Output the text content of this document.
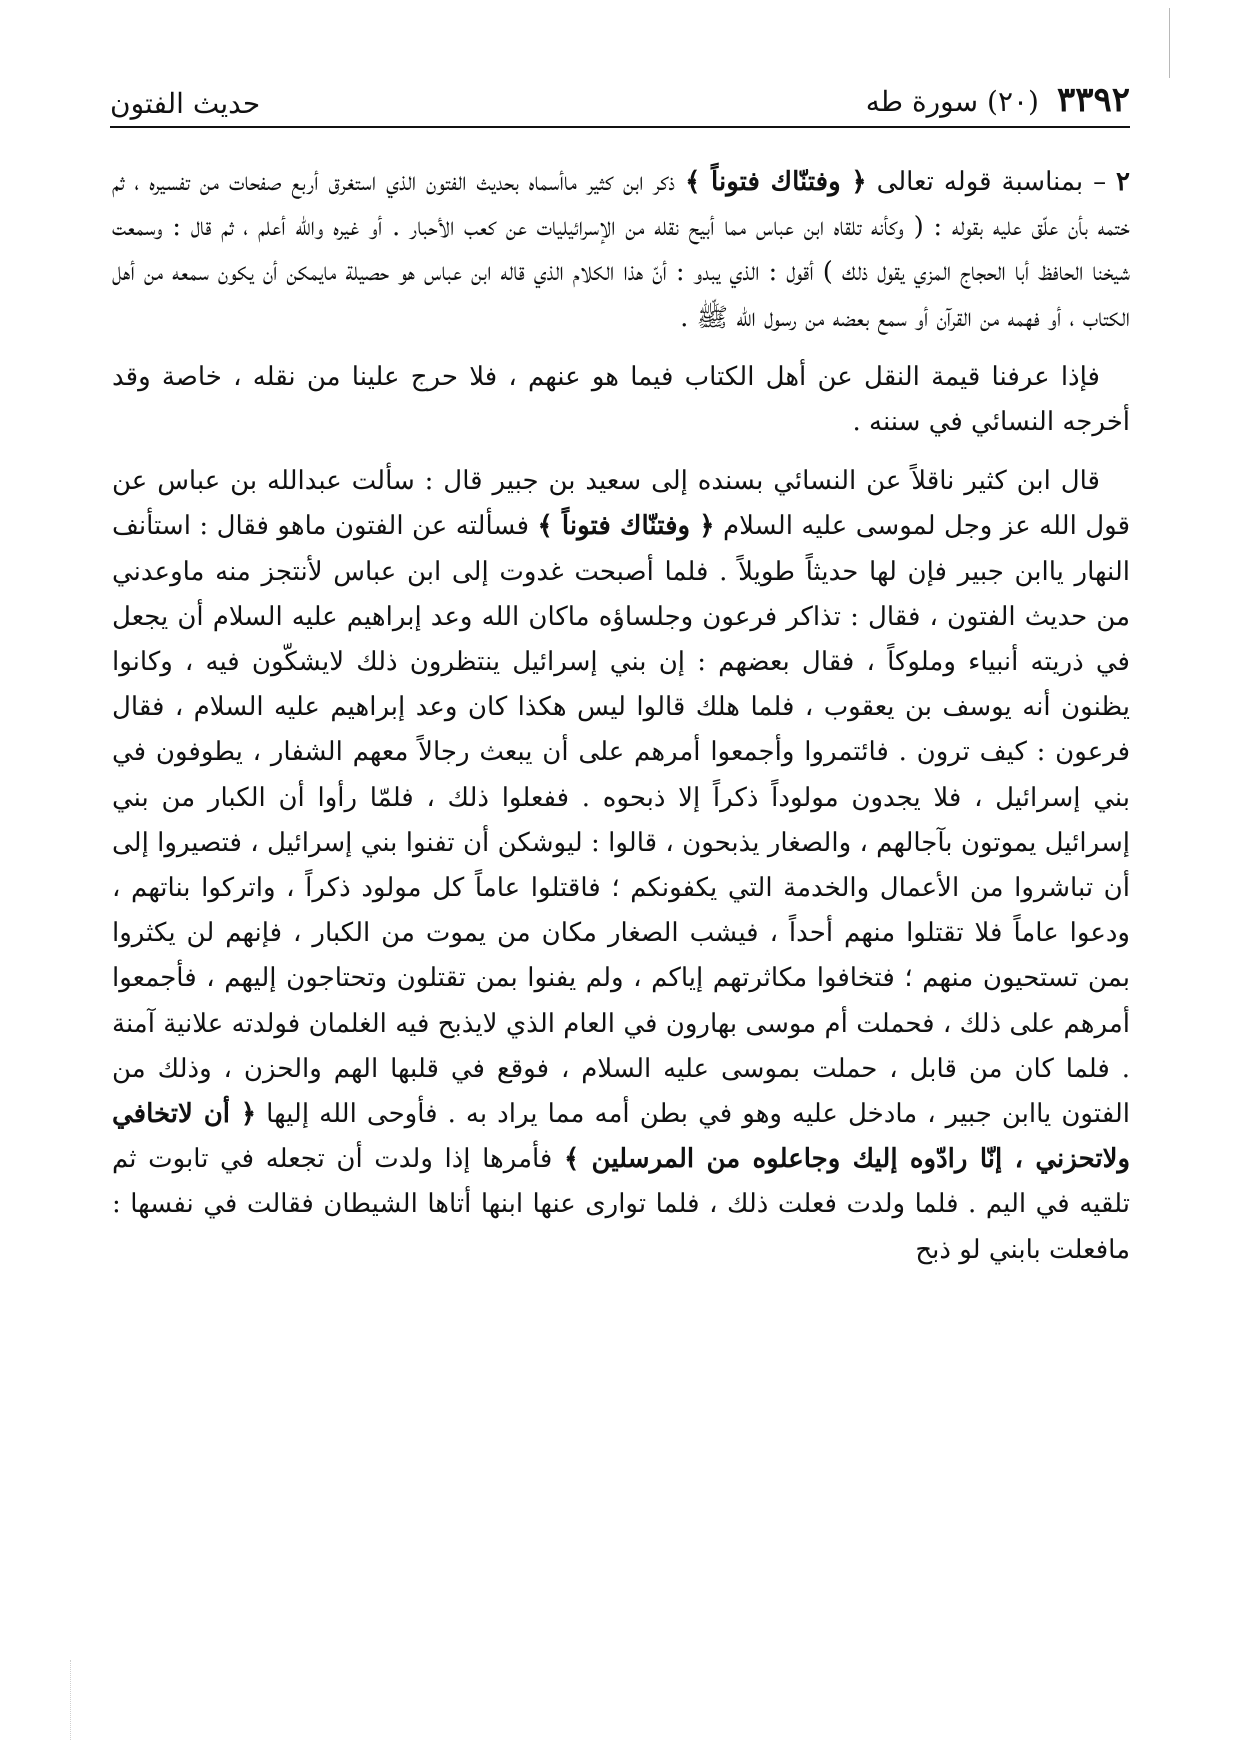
٣٣٩٢
(٢٠) سورة طه
حديث الفتون

٢ – بمناسبة قوله تعالى ﴿ وفتنّاك فتوناً ﴾ ذكر ابن كثير ماأسماه بحديث الفتون الذي استغرق أربع صفحات من تفسيره ، ثم ختمه بأن علّق عليه بقوله : ( وكأنه تلقاه ابن عباس مما أبيح نقله من الإسرائيليات عن كعب الأحبار . أو غيره والله أعلم ، ثم قال : وسمعت شيخنا الحافظ أبا الحجاج المزي يقول ذلك ) أقول : الذي يبدو : أنّ هذا الكلام الذي قاله ابن عباس هو حصيلة مايمكن أن يكون سمعه من أهل الكتاب ، أو فهمه من القرآن أو سمع بعضه من رسول الله ﷺ .

فإذا عرفنا قيمة النقل عن أهل الكتاب فيما هو عنهم ، فلا حرج علينا من نقله ، خاصة وقد أخرجه النسائي في سننه .

قال ابن كثير ناقلاً عن النسائي بسنده إلى سعيد بن جبير قال : سألت عبدالله بن عباس عن قول الله عز وجل لموسى عليه السلام ﴿ وفتنّاك فتوناً ﴾ فسألته عن الفتون ماهو فقال : استأنف النهار ياابن جبير فإن لها حديثاً طويلاً . فلما أصبحت غدوت إلى ابن عباس لأنتجز منه ماوعدني من حديث الفتون ، فقال : تذاكر فرعون وجلساؤه ماكان الله وعد إبراهيم عليه السلام أن يجعل في ذريته أنبياء وملوكاً ، فقال بعضهم : إن بني إسرائيل ينتظرون ذلك لايشكّون فيه ، وكانوا يظنون أنه يوسف بن يعقوب ، فلما هلك قالوا ليس هكذا كان وعد إبراهيم عليه السلام ، فقال فرعون : كيف ترون . فائتمروا وأجمعوا أمرهم على أن يبعث رجالاً معهم الشفار ، يطوفون في بني إسرائيل ، فلا يجدون مولوداً ذكراً إلا ذبحوه . ففعلوا ذلك ، فلمّا رأوا أن الكبار من بني إسرائيل يموتون بآجالهم ، والصغار يذبحون ، قالوا : ليوشكن أن تفنوا بني إسرائيل ، فتصيروا إلى أن تباشروا من الأعمال والخدمة التي يكفونكم ؛ فاقتلوا عاماً كل مولود ذكراً ، واتركوا بناتهم ، ودعوا عاماً فلا تقتلوا منهم أحداً ، فيشب الصغار مكان من يموت من الكبار ، فإنهم لن يكثروا بمن تستحيون منهم ؛ فتخافوا مكاثرتهم إياكم ، ولم يفنوا بمن تقتلون وتحتاجون إليهم ، فأجمعوا أمرهم على ذلك ، فحملت أم موسى بهارون في العام الذي لايذبح فيه الغلمان فولدته علانية آمنة . فلما كان من قابل ، حملت بموسى عليه السلام ، فوقع في قلبها الهم والحزن ، وذلك من الفتون ياابن جبير ، مادخل عليه وهو في بطن أمه مما يراد به . فأوحى الله إليها ﴿ أن لاتخافي ولاتحزني ، إنّا رادّوه إليك وجاعلوه من المرسلين ﴾ فأمرها إذا ولدت أن تجعله في تابوت ثم تلقيه في اليم . فلما ولدت فعلت ذلك ، فلما توارى عنها ابنها أتاها الشيطان فقالت في نفسها : مافعلت بابني لو ذبح
